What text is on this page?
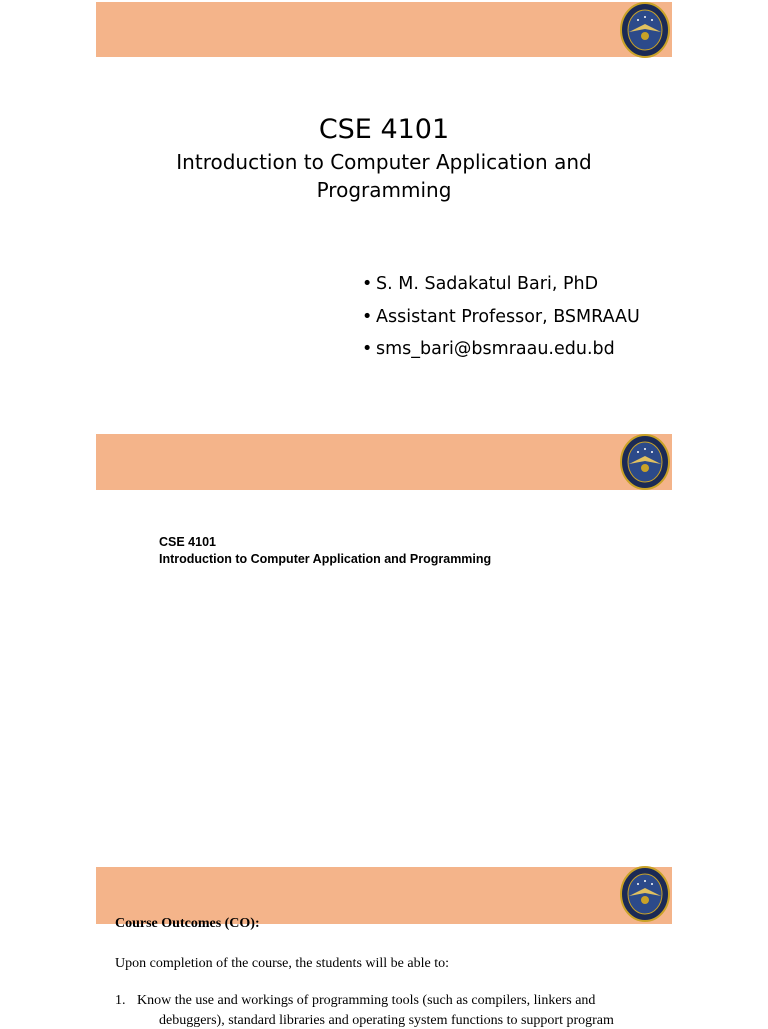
CSE 4101
Introduction to Computer Application and Programming
• S. M. Sadakatul Bari, PhD
• Assistant Professor, BSMRAAU
• sms_bari@bsmraau.edu.bd
CSE 4101
Introduction to Computer Application and Programming
Course Outcomes (CO):
Upon completion of the course, the students will be able to:
1. Know the use and workings of programming tools (such as compilers, linkers and
debuggers), standard libraries and operating system functions to support program
